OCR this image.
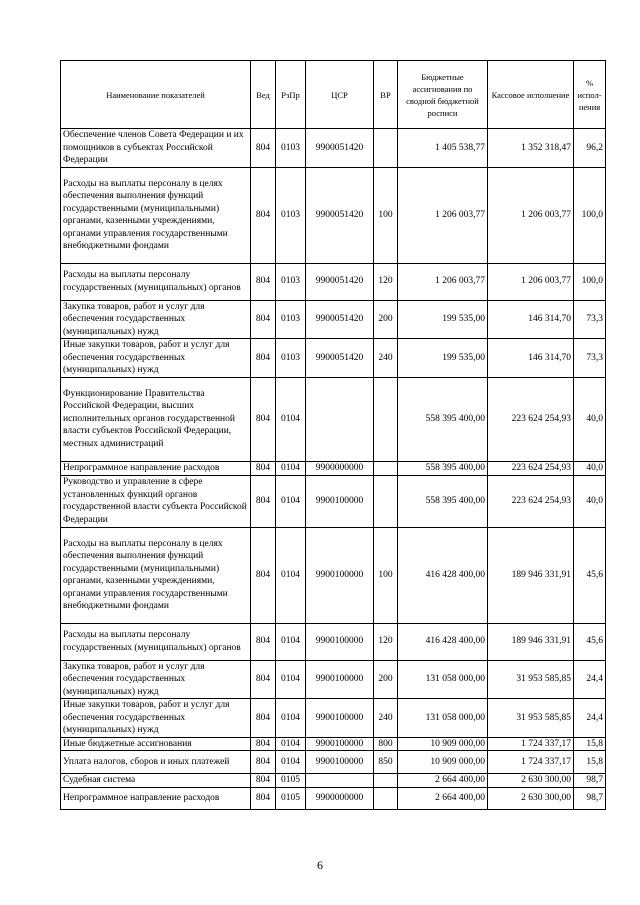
Наименование показателей	Вед	РзПр	ЦСР	ВР	Бюджетные ассигнования по сводной бюджетной росписи	Кассовое исполнение	% испол-нения
Обеспечение членов Совета Федерации и их помощников в субъектах Российской Федерации	804	0103	9900051420		1 405 538,77	1 352 318,47	96,2
Расходы на выплаты персоналу в целях обеспечения выполнения функций государственными (муниципальными) органами, казенными учреждениями, органами управления государственными внебюджетными фондами	804	0103	9900051420	100	1 206 003,77	1 206 003,77	100,0
Расходы на выплаты персоналу государственных (муниципальных) органов	804	0103	9900051420	120	1 206 003,77	1 206 003,77	100,0
Закупка товаров, работ и услуг для обеспечения государственных (муниципальных) нужд	804	0103	9900051420	200	199 535,00	146 314,70	73,3
Иные закупки товаров, работ и услуг для обеспечения государственных (муниципальных) нужд	804	0103	9900051420	240	199 535,00	146 314,70	73,3
Функционирование Правительства Российской Федерации, высших исполнительных органов государственной власти субъектов Российской Федерации, местных администраций	804	0104			558 395 400,00	223 624 254,93	40,0
Непрограммное направление расходов	804	0104	9900000000		558 395 400,00	223 624 254,93	40,0
Руководство и управление в сфере установленных функций органов государственной власти субъекта Российской Федерации	804	0104	9900100000		558 395 400,00	223 624 254,93	40,0
Расходы на выплаты персоналу в целях обеспечения выполнения функций государственными (муниципальными) органами, казенными учреждениями, органами управления государственными внебюджетными фондами	804	0104	9900100000	100	416 428 400,00	189 946 331,91	45,6
Расходы на выплаты персоналу государственных (муниципальных) органов	804	0104	9900100000	120	416 428 400,00	189 946 331,91	45,6
Закупка товаров, работ и услуг для обеспечения государственных (муниципальных) нужд	804	0104	9900100000	200	131 058 000,00	31 953 585,85	24,4
Иные закупки товаров, работ и услуг для обеспечения государственных (муниципальных) нужд	804	0104	9900100000	240	131 058 000,00	31 953 585,85	24,4
Иные бюджетные ассигнования	804	0104	9900100000	800	10 909 000,00	1 724 337,17	15,8
Уплата налогов, сборов и иных платежей	804	0104	9900100000	850	10 909 000,00	1 724 337,17	15,8
Судебная система	804	0105			2 664 400,00	2 630 300,00	98,7
Непрограммное направление расходов	804	0105	9900000000		2 664 400,00	2 630 300,00	98,7
6
